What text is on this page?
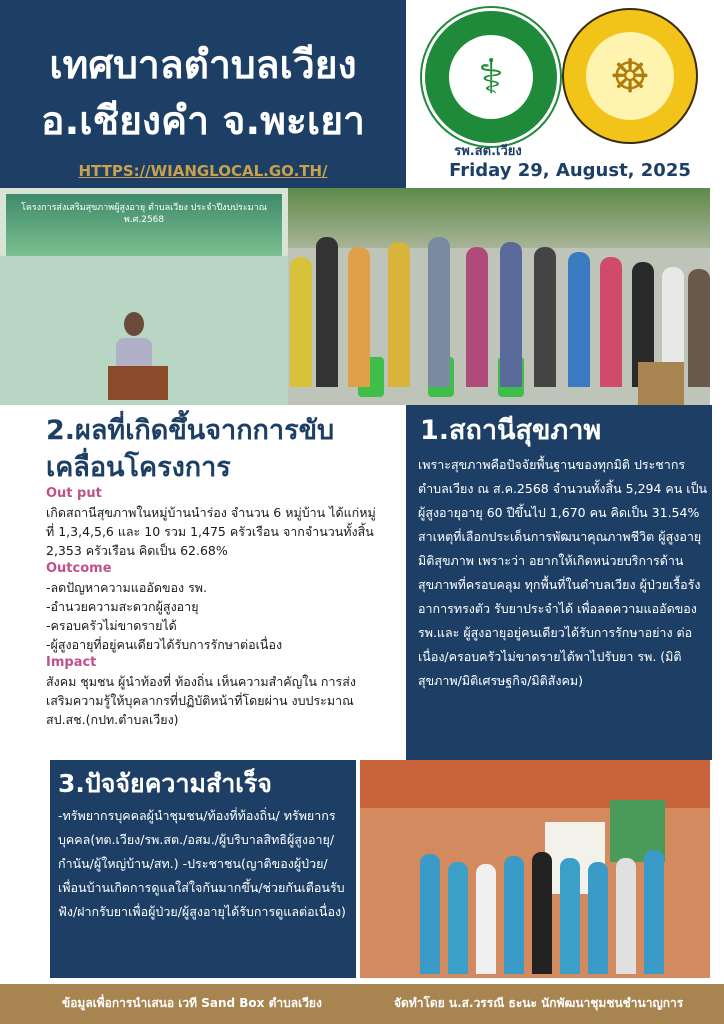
เทศบาลตำบลเวียง
อ.เชียงคำ จ.พะเยา
HTTPS://WIANGLOCAL.GO.TH/
⚕	☸
รพ.สต.เวียง
Friday 29, August, 2025
โครงการส่งเสริมสุขภาพผู้สูงอายุ ตำบลเวียง ประจำปีงบประมาณ พ.ศ.2568
2.ผลที่เกิดขึ้นจากการขับเคลื่อนโครงการ
Out put
เกิดสถานีสุขภาพในหมู่บ้านนำร่อง จำนวน 6 หมู่บ้าน ได้แก่หมู่ที่ 1,3,4,5,6 และ 10 รวม 1,475 ครัวเรือน จากจำนวนทั้งสิ้น 2,353 ครัวเรือน คิดเป็น 62.68%
Outcome
-ลดปัญหาความแออัดของ รพ.
-อำนวยความสะดวกผู้สูงอายุ
-ครอบครัวไม่ขาดรายได้
-ผู้สูงอายุที่อยู่คนเดียวได้รับการรักษาต่อเนื่อง
Impact
สังคม ชุมชน ผู้นำท้องที่ ท้องถิ่น เห็นความสำคัญใน การส่งเสริมความรู้ให้บุคลากรที่ปฏิบัติหน้าที่โดยผ่าน งบประมาณ สป.สช.(กปท.ตำบลเวียง)
1.สถานีสุขภาพ
เพราะสุขภาพคือปัจจัยพื้นฐานของทุกมิติ ประชากรตำบลเวียง ณ ส.ค.2568 จำนวนทั้งสิ้น 5,294 คน เป็นผู้สูงอายุอายุ 60 ปีขึ้นไป 1,670 คน คิดเป็น 31.54% สาเหตุที่เลือกประเด็นการพัฒนาคุณภาพชีวิต ผู้สูงอายุ มิติสุขภาพ เพราะว่า อยากให้เกิดหน่วยบริการด้านสุขภาพที่ครอบคลุม ทุกพื้นที่ในตำบลเวียง ผู้ป่วยเรื้อรัง อาการทรงตัว รับยาประจำได้ เพื่อลดความแออัดของ รพ.และ ผู้สูงอายุอยู่คนเดียวได้รับการรักษาอย่าง ต่อเนื่อง/ครอบครัวไม่ขาดรายได้พาไปรับยา รพ. (มิติสุขภาพ/มิติเศรษฐกิจ/มิติสังคม)
3.ปัจจัยความสำเร็จ
-ทรัพยากรบุคคลผู้นำชุมชน/ท้องที่ท้องถิ่น/ ทรัพยากรบุคคล(ทต.เวียง/รพ.สต./อสม./ผู้บริบาลสิทธิผู้สูงอายุ/กำนัน/ผู้ใหญ่บ้าน/สท.) -ประชาชน(ญาติของผู้ป่วย/เพื่อนบ้านเกิดการดูแลใส่ใจกันมากขึ้น/ช่วยกันเตือนรับฟัง/ฝากรับยาเพื่อผู้ป่วย/ผู้สูงอายุได้รับการดูแลต่อเนื่อง)
ข้อมูลเพื่อการนำเสนอ เวที Sand Box ตำบลเวียง	จัดทำโดย น.ส.วรรณี ธะนะ นักพัฒนาชุมชนชำนาญการ
